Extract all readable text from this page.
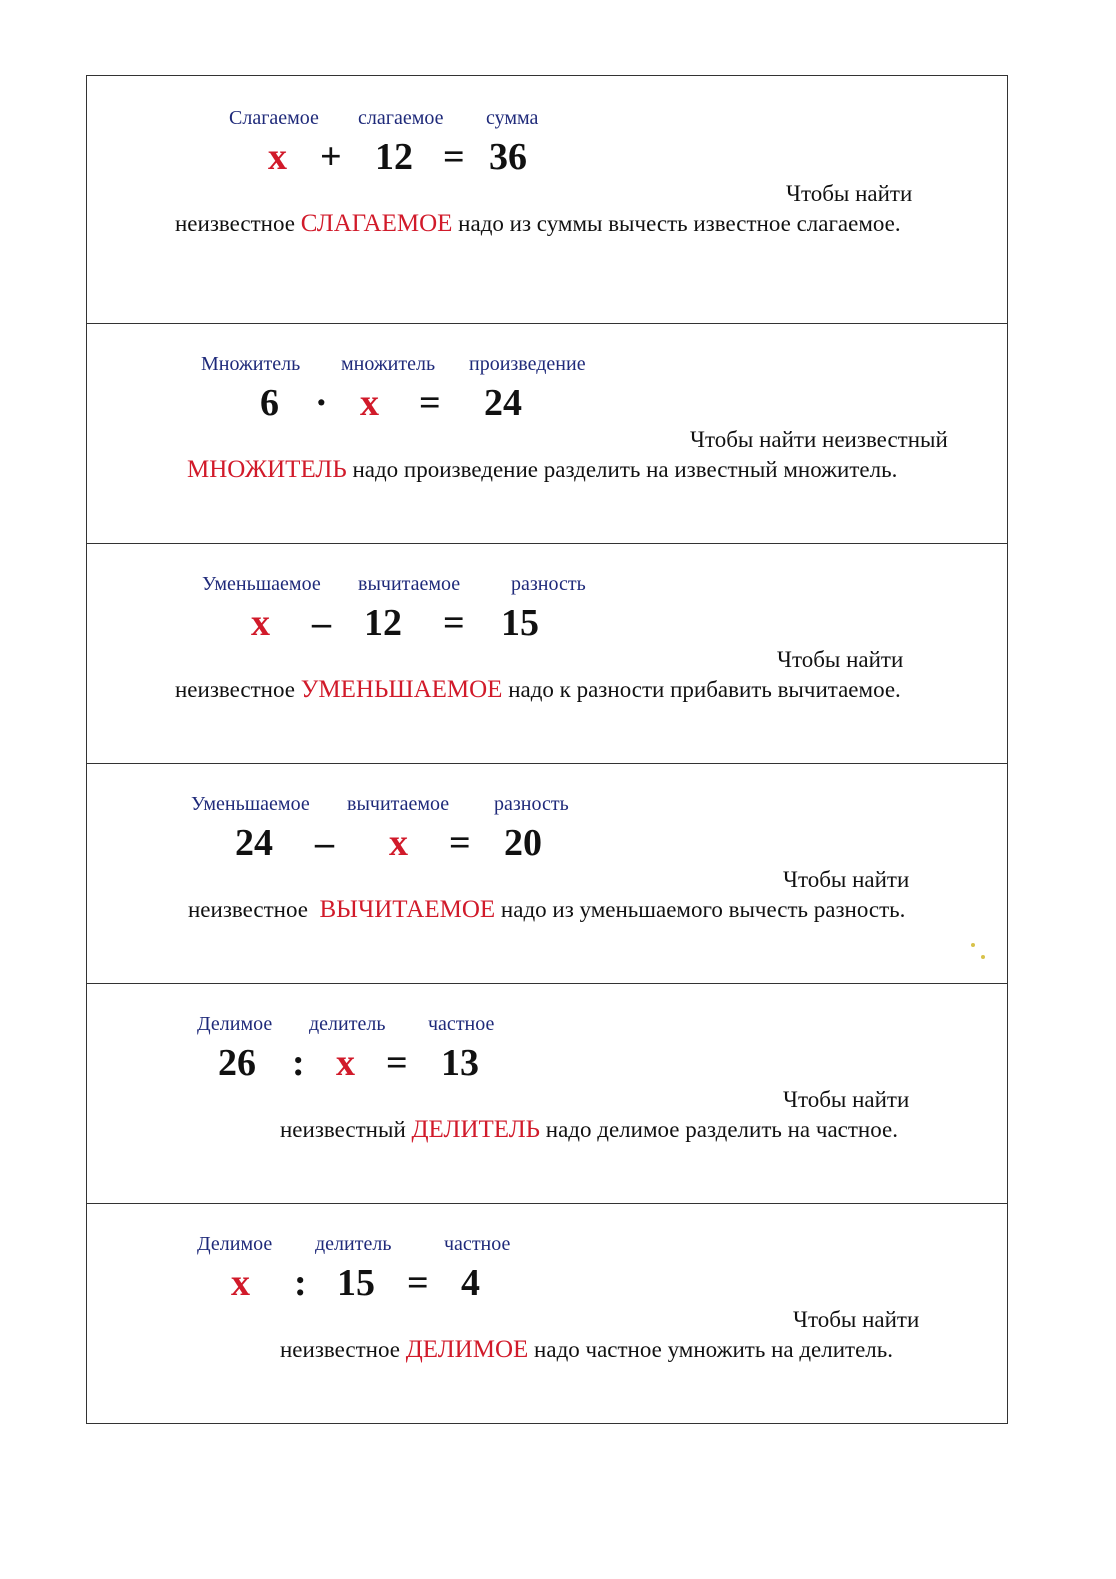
Слагаемое слагаемое сумма
x + 12 = 36
Чтобы найти
неизвестное СЛАГАЕМОЕ надо из суммы вычесть известное слагаемое.
Множитель множитель произведение
6 · x = 24
Чтобы найти неизвестный
МНОЖИТЕЛЬ надо произведение разделить на известный множитель.
Уменьшаемое вычитаемое	разность
x – 12 = 15
Чтобы найти
неизвестное УМЕНЬШАЕМОЕ надо к разности прибавить вычитаемое.
Уменьшаемое вычитаемое разность
24 – x = 20
Чтобы найти
неизвестное ВЫЧИТАЕМОЕ надо из уменьшаемого вычесть разность.
Делимое делитель частное
26 : x = 13
Чтобы найти
неизвестный ДЕЛИТЕЛЬ надо делимое разделить на частное.
Делимое делитель	частное
x : 15 = 4
Чтобы найти
неизвестное ДЕЛИМОЕ надо частное умножить на делитель.
